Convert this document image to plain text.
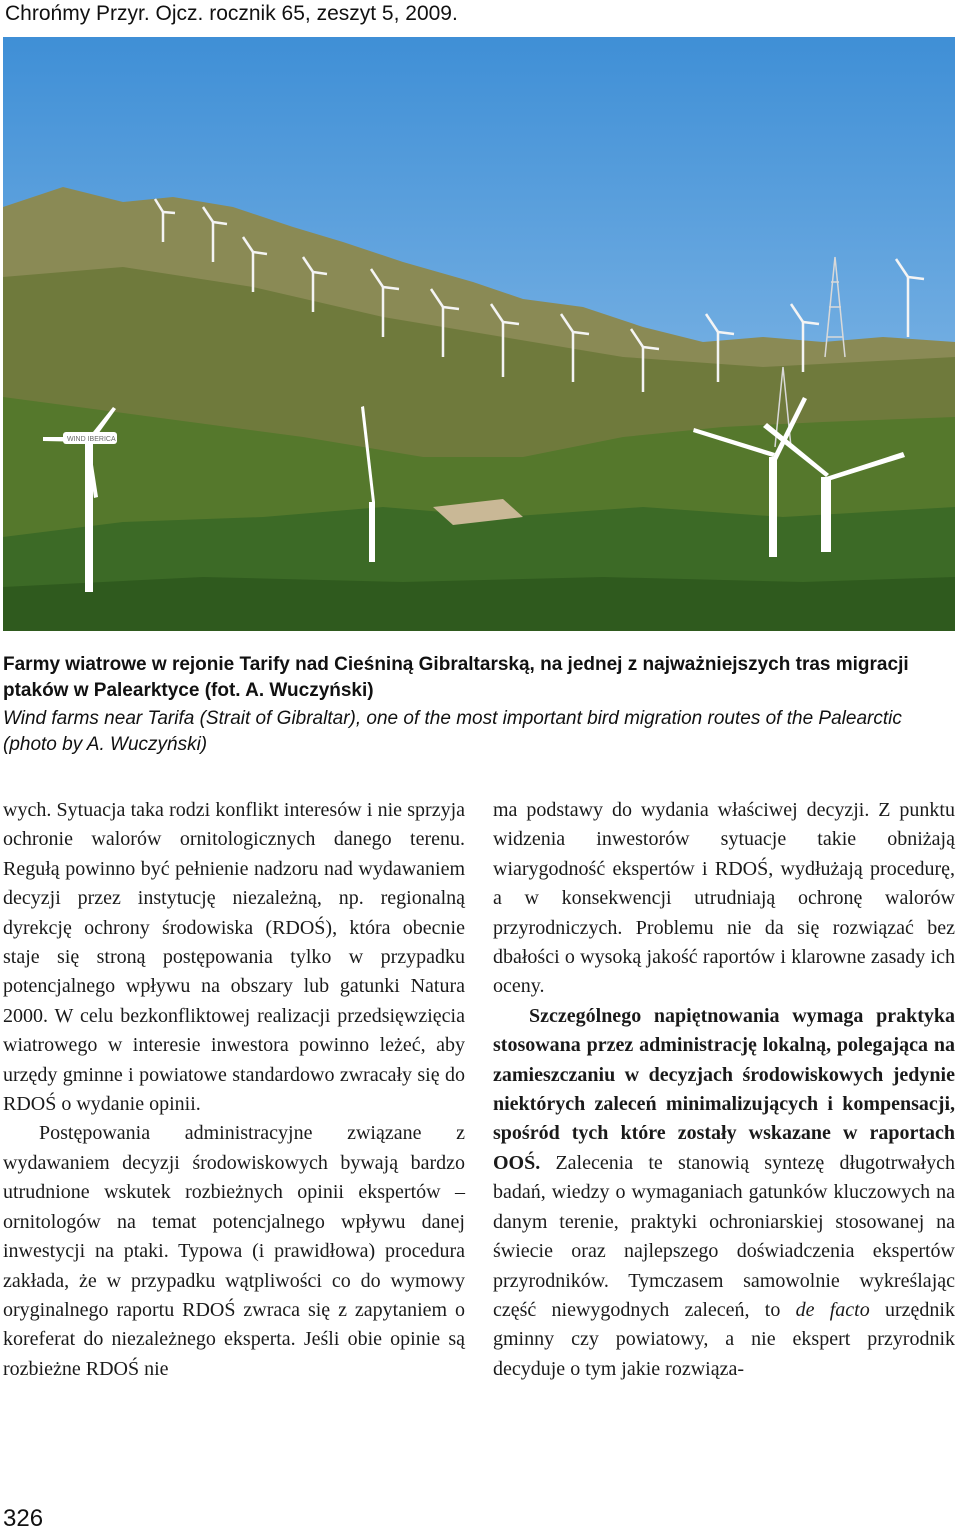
Chrońmy Przyr. Ojcz. rocznik 65, zeszyt 5, 2009.
WIND IBERICA
Farmy wiatrowe w rejonie Tarify nad Cieśniną Gibraltarską, na jednej z najważniejszych tras migracji ptaków w Palearktyce (fot. A. Wuczyński)
Wind farms near Tarifa (Strait of Gibraltar), one of the most important bird migration routes of the Palearctic (photo by A. Wuczyński)

wych. Sytuacja taka rodzi konflikt interesów i nie sprzyja ochronie walorów ornitologicznych danego terenu. Regułą powinno być pełnienie nadzoru nad wydawaniem decyzji przez instytucję niezależną, np. regionalną dyrekcję ochrony środowiska (RDOŚ), która obecnie staje się stroną postępowania tylko w przypadku potencjalnego wpływu na obszary lub gatunki Natura 2000. W celu bezkonfliktowej realizacji przedsięwzięcia wiatrowego w interesie inwestora powinno leżeć, aby urzędy gminne i powiatowe standardowo zwracały się do RDOŚ o wydanie opinii.

Postępowania administracyjne związane z wydawaniem decyzji środowiskowych bywają bardzo utrudnione wskutek rozbieżnych opinii ekspertów – ornitologów na temat potencjalnego wpływu danej inwestycji na ptaki. Typowa (i prawidłowa) procedura zakłada, że w przypadku wątpliwości co do wymowy oryginalnego raportu RDOŚ zwraca się z zapytaniem o koreferat do niezależnego eksperta. Jeśli obie opinie są rozbieżne RDOŚ nie

ma podstawy do wydania właściwej decyzji. Z punktu widzenia inwestorów sytuacje takie obniżają wiarygodność ekspertów i RDOŚ, wydłużają procedurę, a w konsekwencji utrudniają ochronę walorów przyrodniczych. Problemu nie da się rozwiązać bez dbałości o wysoką jakość raportów i klarowne zasady ich oceny.

Szczególnego napiętnowania wymaga praktyka stosowana przez administrację lokalną, polegająca na zamieszczaniu w decyzjach środowiskowych jedynie niektórych zaleceń minimalizujących i kompensacji, spośród tych które zostały wskazane w raportach OOŚ. Zalecenia te stanowią syntezę długotrwałych badań, wiedzy o wymaganiach gatunków kluczowych na danym terenie, praktyki ochroniarskiej stosowanej na świecie oraz najlepszego doświadczenia ekspertów przyrodników. Tymczasem samowolnie wykreślając część niewygodnych zaleceń, to de facto urzędnik gminny czy powiatowy, a nie ekspert przyrodnik decyduje o tym jakie rozwiąza-

326
